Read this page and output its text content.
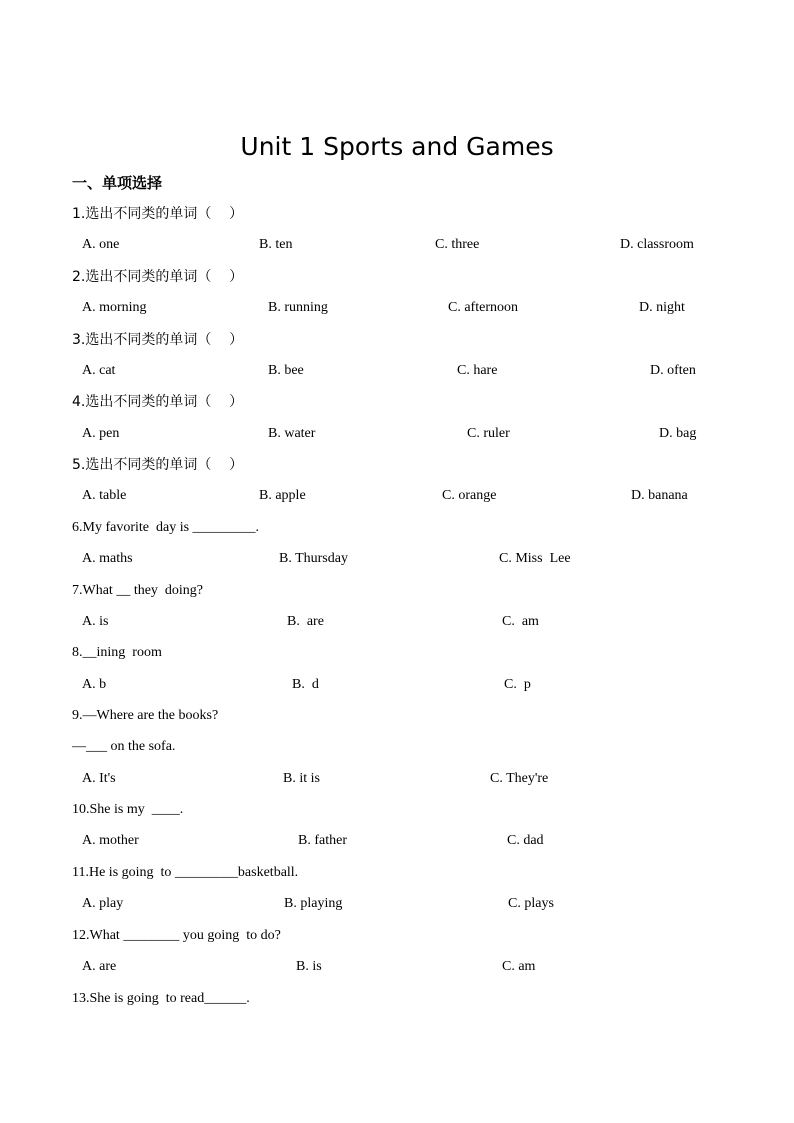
Unit 1 Sports and Games
一、单项选择
1.选出不同类的单词（    ）
A. one	B. ten	C. three	D. classroom
2.选出不同类的单词（    ）
A. morning	B. running	C. afternoon	D. night
3.选出不同类的单词（    ）
A. cat	B. bee	C. hare	D. often
4.选出不同类的单词（    ）
A. pen	B. water	C. ruler	D. bag
5.选出不同类的单词（    ）
A. table	B. apple	C. orange	D. banana
6.My favorite  day is _________.
A. maths	B. Thursday	C. Miss  Lee
7.What __ they  doing?
A. is	B.  are	C.  am
8.__ining  room
A. b	B.  d	C.  p
9.—Where are the books?
—___ on the sofa.
A. It's	B. it is	C. They're
10.She is my  ____.
A. mother	B. father	C. dad
11.He is going  to _________basketball.
A. play	B. playing	C. plays
12.What ________ you going  to do?
A. are	B. is	C. am
13.She is going  to read______.
